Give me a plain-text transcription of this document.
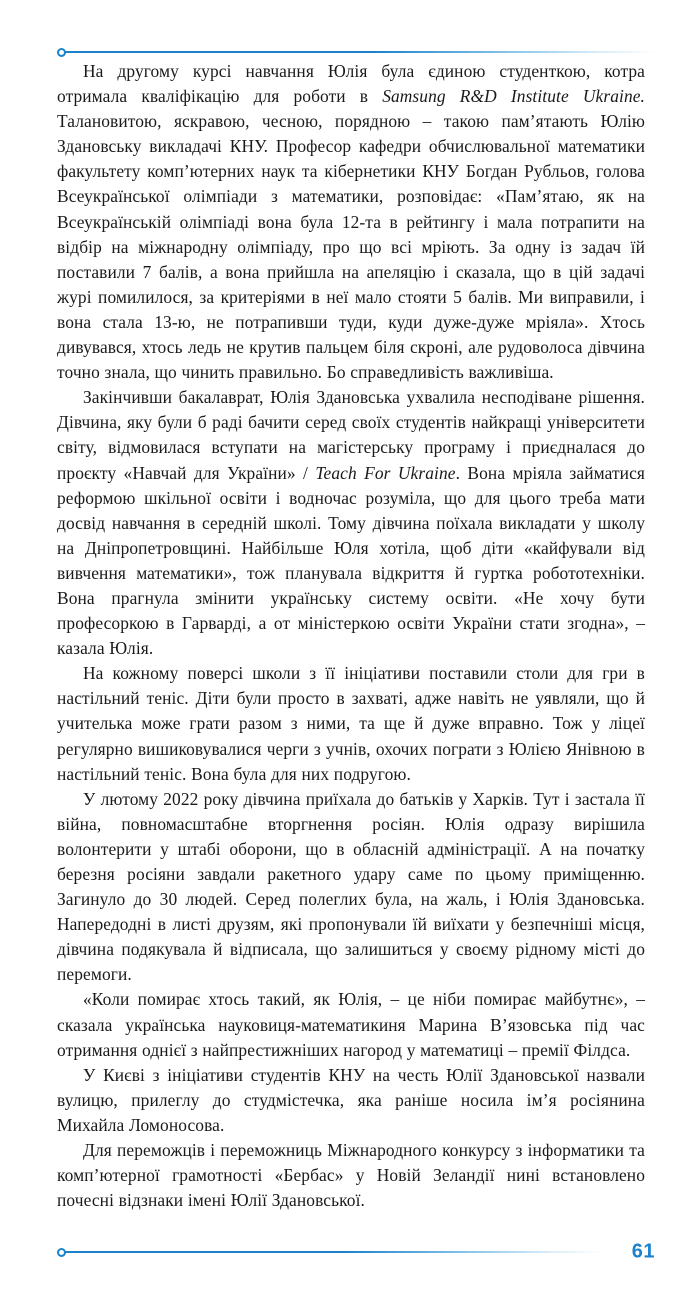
На другому курсі навчання Юлія була єдиною студенткою, котра отримала кваліфікацію для роботи в Samsung R&D Institute Ukraine. Талановитою, яскравою, чесною, порядною – такою пам’ятають Юлію Здановську викладачі КНУ. Професор кафедри обчислювальної математики факультету комп’ютерних наук та кібернетики КНУ Богдан Рубльов, голова Всеукраїнської олімпіади з математики, розповідає: «Пам’ятаю, як на Всеукраїнській олімпіаді вона була 12-та в рейтингу і мала потрапити на відбір на міжнародну олімпіаду, про що всі мріють. За одну із задач їй поставили 7 балів, а вона прийшла на апеляцію і сказала, що в цій задачі журі помилилося, за критеріями в неї мало стояти 5 балів. Ми виправили, і вона стала 13-ю, не потрапивши туди, куди дуже-дуже мріяла». Хтось дивувався, хтось ледь не крутив пальцем біля скроні, але рудоволоса дівчина точно знала, що чинить правильно. Бо справедливість важливіша.

Закінчивши бакалаврат, Юлія Здановська ухвалила несподіване рішення. Дівчина, яку були б раді бачити серед своїх студентів найкращі університети світу, відмовилася вступати на магістерську програму і приєдналася до проєкту «Навчай для України» / Teach For Ukraine. Вона мріяла займатися реформою шкільної освіти і водночас розуміла, що для цього треба мати досвід навчання в середній школі. Тому дівчина поїхала викладати у школу на Дніпропетровщині. Найбільше Юля хотіла, щоб діти «кайфували від вивчення математики», тож планувала відкриття й гуртка робототехніки. Вона прагнула змінити українську систему освіти. «Не хочу бути професоркою в Гарварді, а от міністеркою освіти України стати згодна», – казала Юлія.

На кожному поверсі школи з її ініціативи поставили столи для гри в настільний теніс. Діти були просто в захваті, адже навіть не уявляли, що й учителька може грати разом з ними, та ще й дуже вправно. Тож у ліцеї регулярно вишиковувалися черги з учнів, охочих пограти з Юлією Янівною в настільний теніс. Вона була для них подругою.

У лютому 2022 року дівчина приїхала до батьків у Харків. Тут і застала її війна, повномасштабне вторгнення росіян. Юлія одразу вирішила волонтерити у штабі оборони, що в обласній адміністрації. А на початку березня росіяни завдали ракетного удару саме по цьому приміщенню. Загинуло до 30 людей. Серед полеглих була, на жаль, і Юлія Здановська. Напередодні в листі друзям, які пропонували їй виїхати у безпечніші місця, дівчина подякувала й відписала, що залишиться у своєму рідному місті до перемоги.

«Коли помирає хтось такий, як Юлія, – це ніби помирає майбутнє», – сказала українська науковиця-математикиня Марина В’язовська під час отримання однієї з найпрестижніших нагород у математиці – премії Філдса.

У Києві з ініціативи студентів КНУ на честь Юлії Здановської назвали вулицю, прилеглу до студмістечка, яка раніше носила ім’я росіянина Михайла Ломоносова.

Для переможців і переможниць Міжнародного конкурсу з інформатики та комп’ютерної грамотності «Бербас» у Новій Зеландії нині встановлено почесні відзнаки імені Юлії Здановської.

61
